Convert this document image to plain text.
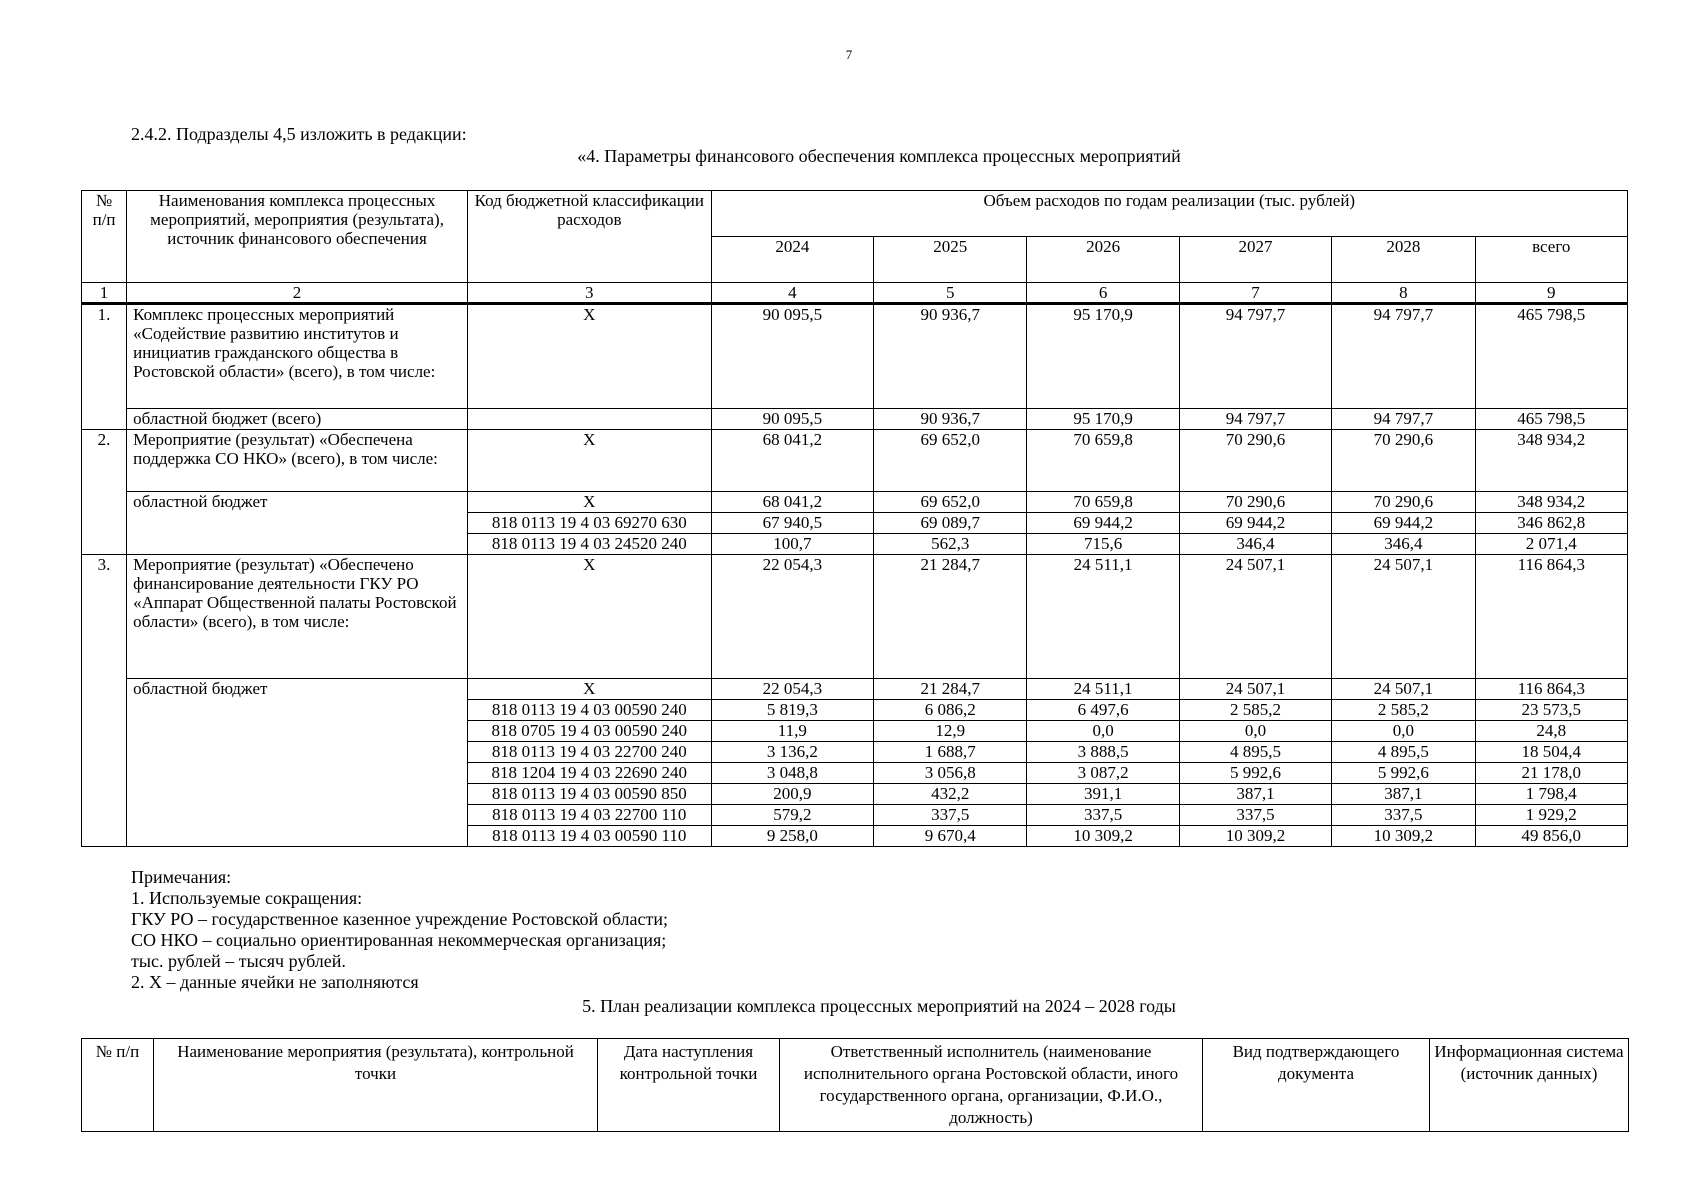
7
2.4.2. Подразделы 4,5 изложить в редакции:
«4. Параметры финансового обеспечения комплекса процессных мероприятий
№ п/п	Наименования комплекса процессных мероприятий, мероприятия (результата), источник финансового обеспечения	Код бюджетной классификации расходов	Объем расходов по годам реализации (тыс. рублей)					
			2024	2025	2026	2027	2028	всего
1	2	3	4	5	6	7	8	9
1.	Комплекс процессных мероприятий «Содействие развитию институтов и инициатив гражданского общества в Ростовской области» (всего), в том числе:	X	90 095,5	90 936,7	95 170,9	94 797,7	94 797,7	465 798,5
	областной бюджет (всего)		90 095,5	90 936,7	95 170,9	94 797,7	94 797,7	465 798,5
2.	Мероприятие (результат) «Обеспечена поддержка СО НКО» (всего), в том числе:	X	68 041,2	69 652,0	70 659,8	70 290,6	70 290,6	348 934,2
	областной бюджет	X	68 041,2	69 652,0	70 659,8	70 290,6	70 290,6	348 934,2
		818 0113 19 4 03 69270 630	67 940,5	69 089,7	69 944,2	69 944,2	69 944,2	346 862,8
		818 0113 19 4 03 24520 240	100,7	562,3	715,6	346,4	346,4	2 071,4
3.	Мероприятие (результат) «Обеспечено финансирование деятельности ГКУ РО «Аппарат Общественной палаты Ростовской области» (всего), в том числе:	X	22 054,3	21 284,7	24 511,1	24 507,1	24 507,1	116 864,3
	областной бюджет	X	22 054,3	21 284,7	24 511,1	24 507,1	24 507,1	116 864,3
		818 0113 19 4 03 00590 240	5 819,3	6 086,2	6 497,6	2 585,2	2 585,2	23 573,5
		818 0705 19 4 03 00590 240	11,9	12,9	0,0	0,0	0,0	24,8
		818 0113 19 4 03 22700 240	3 136,2	1 688,7	3 888,5	4 895,5	4 895,5	18 504,4
		818 1204 19 4 03 22690 240	3 048,8	3 056,8	3 087,2	5 992,6	5 992,6	21 178,0
		818 0113 19 4 03 00590 850	200,9	432,2	391,1	387,1	387,1	1 798,4
		818 0113 19 4 03 22700 110	579,2	337,5	337,5	337,5	337,5	1 929,2
		818 0113 19 4 03 00590 110	9 258,0	9 670,4	10 309,2	10 309,2	10 309,2	49 856,0
Примечания:
1. Используемые сокращения:
ГКУ РО – государственное казенное учреждение Ростовской области;
СО НКО – социально ориентированная некоммерческая организация;
тыс. рублей – тысяч рублей.
2. X – данные ячейки не заполняются
5. План реализации комплекса процессных мероприятий на 2024 – 2028 годы
№ п/п	Наименование мероприятия (результата), контрольной точки	Дата наступления контрольной точки	Ответственный исполнитель (наименование исполнительного органа Ростовской области, иного государственного органа, организации, Ф.И.О., должность)	Вид подтверждающего документа	Информационная система (источник данных)
